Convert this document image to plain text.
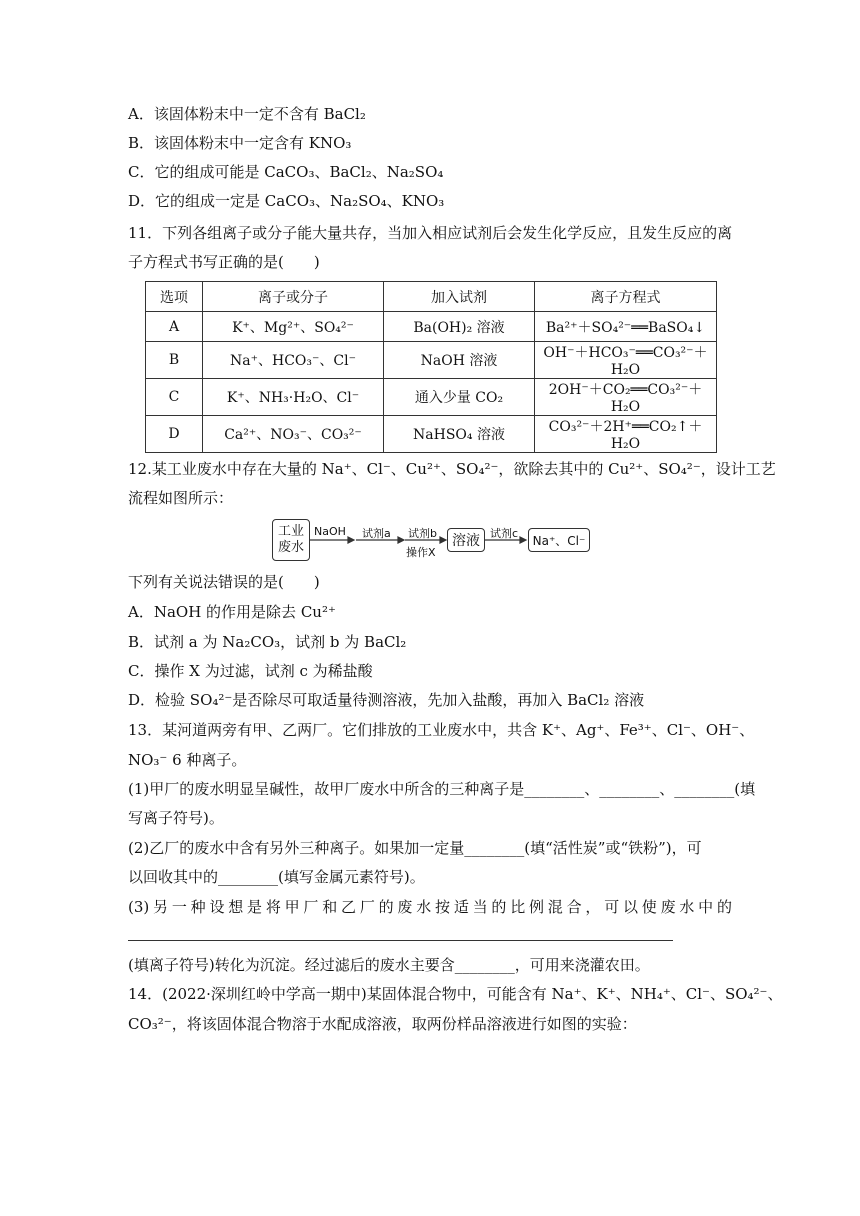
A．该固体粉末中一定不含有 BaCl₂
B．该固体粉末中一定含有 KNO₃
C．它的组成可能是 CaCO₃、BaCl₂、Na₂SO₄
D．它的组成一定是 CaCO₃、Na₂SO₄、KNO₃
11．下列各组离子或分子能大量共存，当加入相应试剂后会发生化学反应，且发生反应的离
子方程式书写正确的是(　　)
选项	离子或分子	加入试剂	离子方程式
A	K⁺、Mg²⁺、SO₄²⁻	Ba(OH)₂ 溶液	Ba²⁺＋SO₄²⁻══BaSO₄↓
B	Na⁺、HCO₃⁻、Cl⁻	NaOH 溶液	OH⁻＋HCO₃⁻══CO₃²⁻＋H₂O
C	K⁺、NH₃·H₂O、Cl⁻	通入少量 CO₂	2OH⁻＋CO₂══CO₃²⁻＋H₂O
D	Ca²⁺、NO₃⁻、CO₃²⁻	NaHSO₄ 溶液	CO₃²⁻＋2H⁺══CO₂↑＋H₂O
12.某工业废水中存在大量的 Na⁺、Cl⁻、Cu²⁺、SO₄²⁻，欲除去其中的 Cu²⁺、SO₄²⁻，设计工艺
流程如图所示：
工业废水
NaOH 试剂a 试剂b
操作X
溶液 试剂c Na⁺、Cl⁻
下列有关说法错误的是(　　)
A．NaOH 的作用是除去 Cu²⁺
B．试剂 a 为 Na₂CO₃，试剂 b 为 BaCl₂
C．操作 X 为过滤，试剂 c 为稀盐酸
D．检验 SO₄²⁻是否除尽可取适量待测溶液，先加入盐酸，再加入 BaCl₂ 溶液
13．某河道两旁有甲、乙两厂。它们排放的工业废水中，共含 K⁺、Ag⁺、Fe³⁺、Cl⁻、OH⁻、
NO₃⁻ 6 种离子。
(1)甲厂的废水明显呈碱性，故甲厂废水中所含的三种离子是________、________、________(填
写离子符号)。
(2)乙厂的废水中含有另外三种离子。如果加一定量________(填“活性炭”或“铁粉”)，可
以回收其中的________(填写金属元素符号)。
(3)另一种设想是将甲厂和乙厂的废水按适当的比例混合，可以使废水中的
(填离子符号)转化为沉淀。经过滤后的废水主要含________，可用来浇灌农田。
14．(2022·深圳红岭中学高一期中)某固体混合物中，可能含有 Na⁺、K⁺、NH₄⁺、Cl⁻、SO₄²⁻、
CO₃²⁻，将该固体混合物溶于水配成溶液，取两份样品溶液进行如图的实验：
